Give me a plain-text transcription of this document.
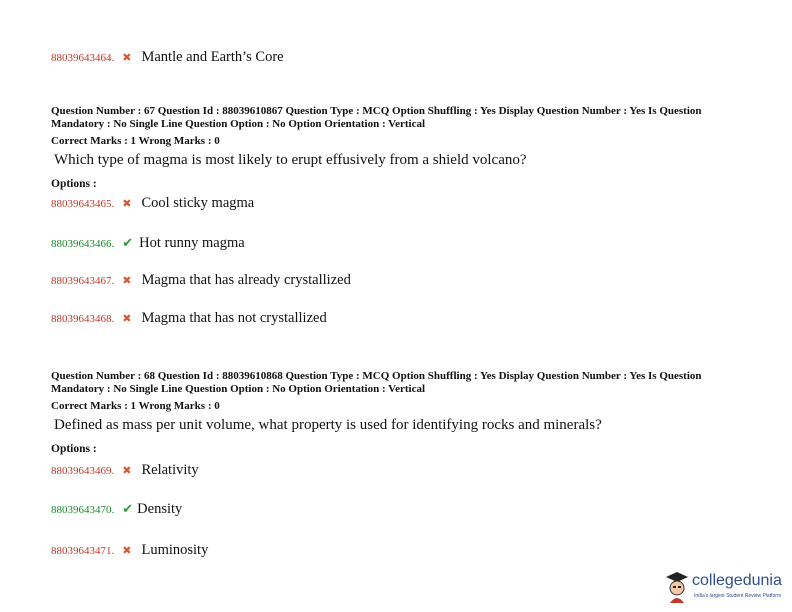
88039643464. ✖ Mantle and Earth’s Core
Question Number : 67 Question Id : 88039610867 Question Type : MCQ Option Shuffling : Yes Display Question Number : Yes Is Question Mandatory : No Single Line Question Option : No Option Orientation : Vertical
Correct Marks : 1 Wrong Marks : 0
Which type of magma is most likely to erupt effusively from a shield volcano?
Options :
88039643465. ✖ Cool sticky magma
88039643466. ✔ Hot runny magma
88039643467. ✖ Magma that has already crystallized
88039643468. ✖ Magma that has not crystallized
Question Number : 68 Question Id : 88039610868 Question Type : MCQ Option Shuffling : Yes Display Question Number : Yes Is Question Mandatory : No Single Line Question Option : No Option Orientation : Vertical
Correct Marks : 1 Wrong Marks : 0
Defined as mass per unit volume, what property is used for identifying rocks and minerals?
Options :
88039643469. ✖ Relativity
88039643470. ✔ Density
88039643471. ✖ Luminosity
collegedunia
India's largest Student Review Platform
